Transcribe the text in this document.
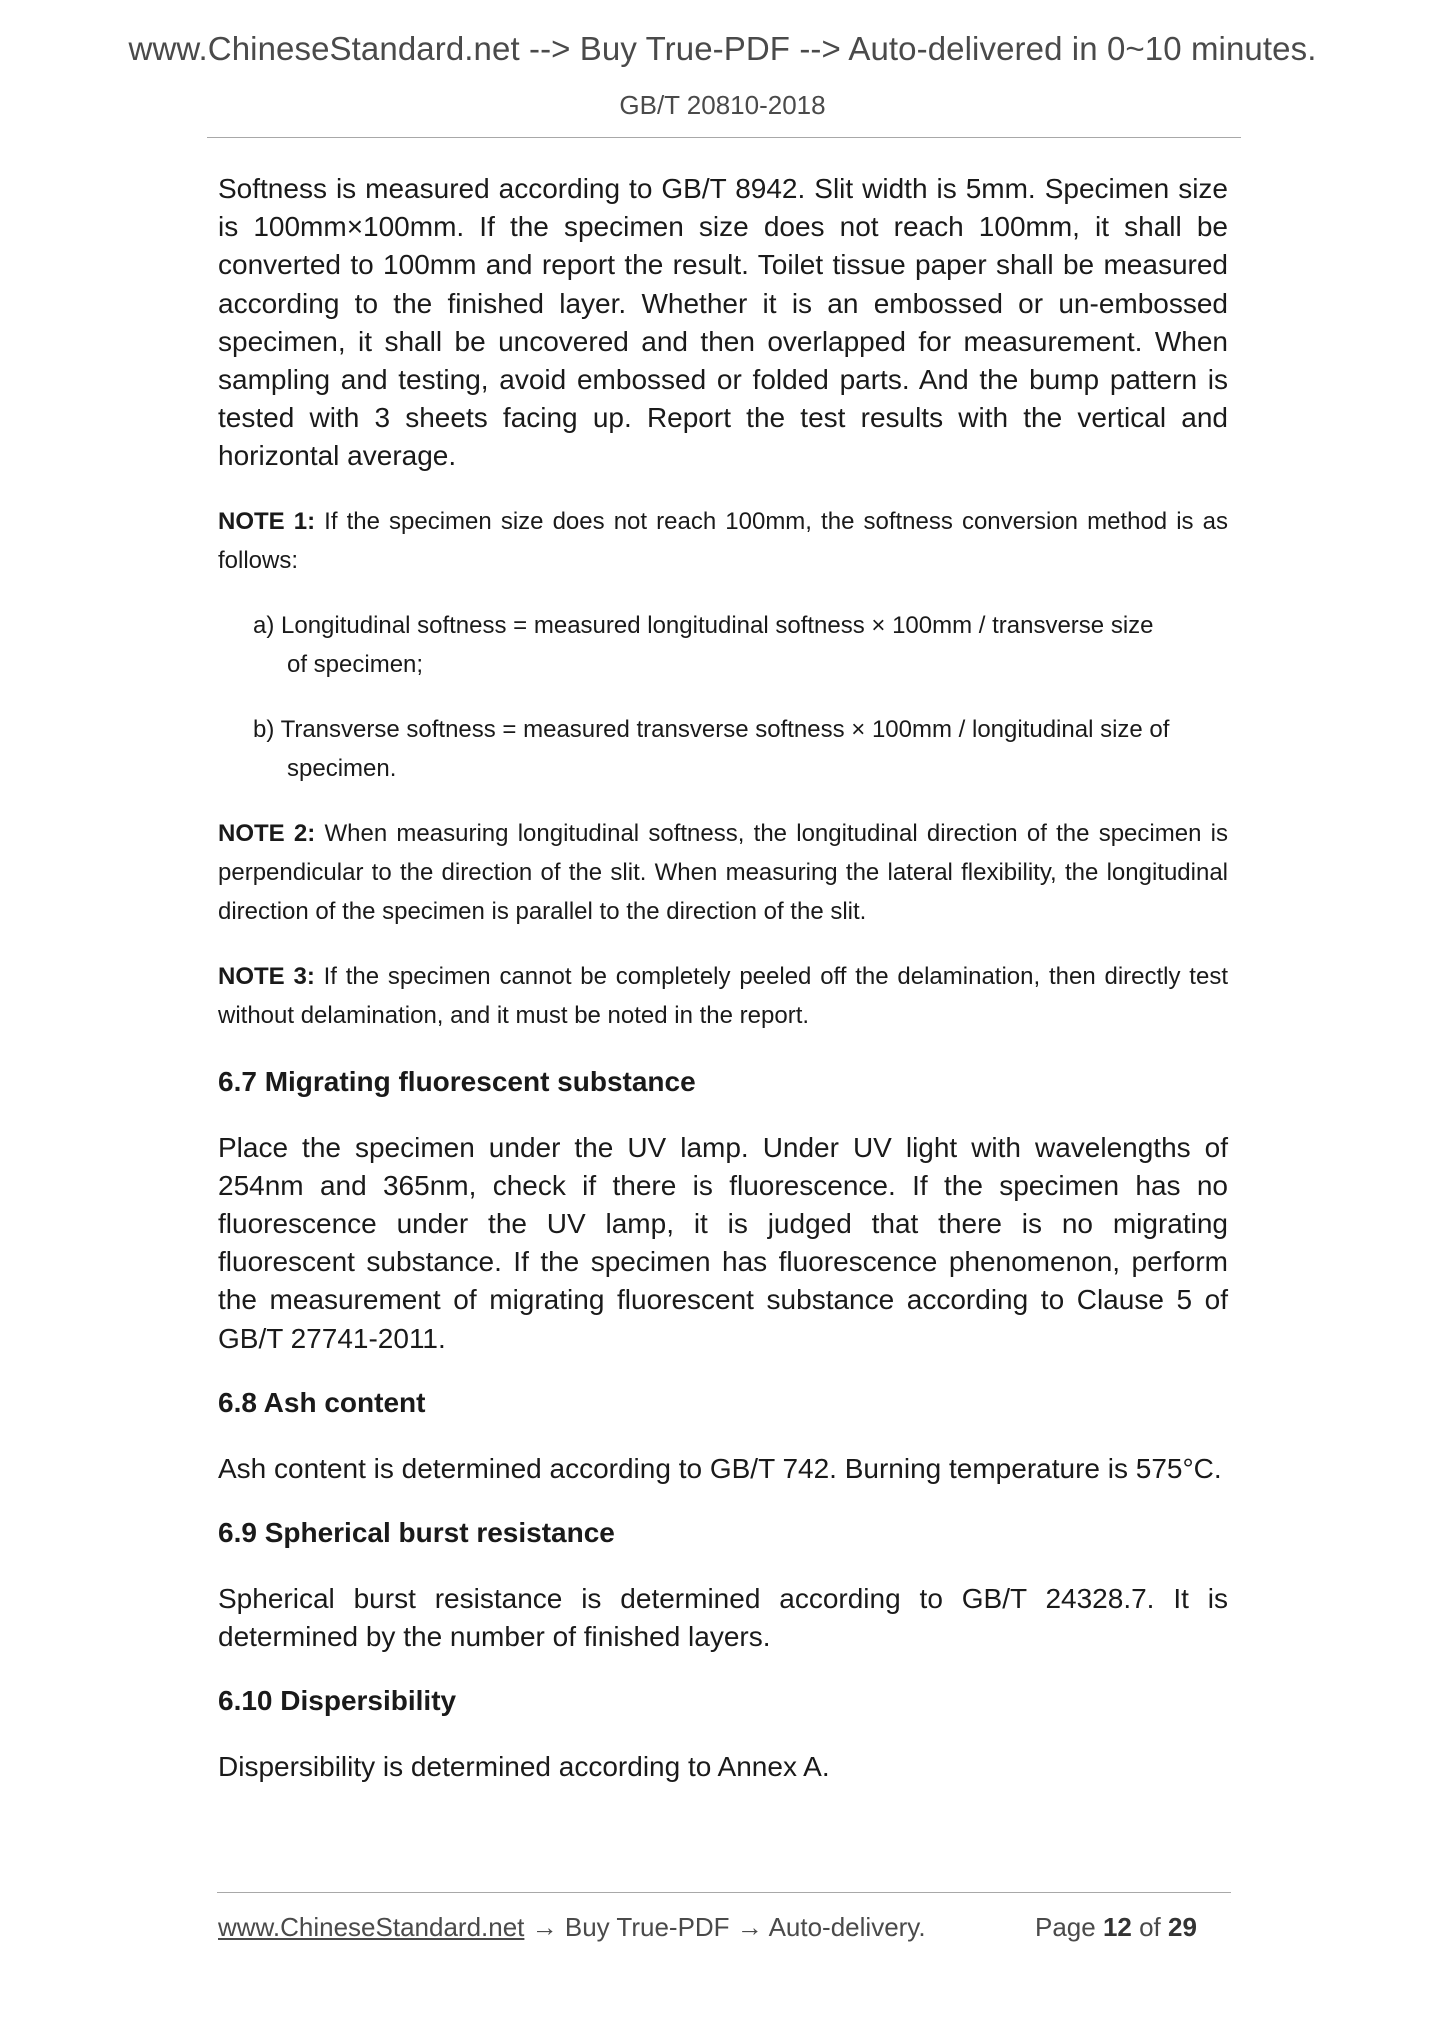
www.ChineseStandard.net --> Buy True-PDF --> Auto-delivered in 0~10 minutes.
GB/T 20810-2018

Softness is measured according to GB/T 8942. Slit width is 5mm. Specimen size is 100mm×100mm. If the specimen size does not reach 100mm, it shall be converted to 100mm and report the result. Toilet tissue paper shall be measured according to the finished layer. Whether it is an embossed or un-embossed specimen, it shall be uncovered and then overlapped for measurement. When sampling and testing, avoid embossed or folded parts. And the bump pattern is tested with 3 sheets facing up. Report the test results with the vertical and horizontal average.

NOTE 1: If the specimen size does not reach 100mm, the softness conversion method is as follows:

a) Longitudinal softness = measured longitudinal softness × 100mm / transverse size
of specimen;

b) Transverse softness = measured transverse softness × 100mm / longitudinal size of
specimen.

NOTE 2: When measuring longitudinal softness, the longitudinal direction of the specimen is perpendicular to the direction of the slit. When measuring the lateral flexibility, the longitudinal direction of the specimen is parallel to the direction of the slit.

NOTE 3: If the specimen cannot be completely peeled off the delamination, then directly test without delamination, and it must be noted in the report.

6.7 Migrating fluorescent substance

Place the specimen under the UV lamp. Under UV light with wavelengths of 254nm and 365nm, check if there is fluorescence. If the specimen has no fluorescence under the UV lamp, it is judged that there is no migrating fluorescent substance. If the specimen has fluorescence phenomenon, perform the measurement of migrating fluorescent substance according to Clause 5 of GB/T 27741-2011.

6.8 Ash content

Ash content is determined according to GB/T 742. Burning temperature is 575°C.

6.9 Spherical burst resistance

Spherical burst resistance is determined according to GB/T 24328.7. It is determined by the number of finished layers.

6.10 Dispersibility

Dispersibility is determined according to Annex A.

www.ChineseStandard.net → Buy True-PDF → Auto-delivery.	Page 12 of 29
